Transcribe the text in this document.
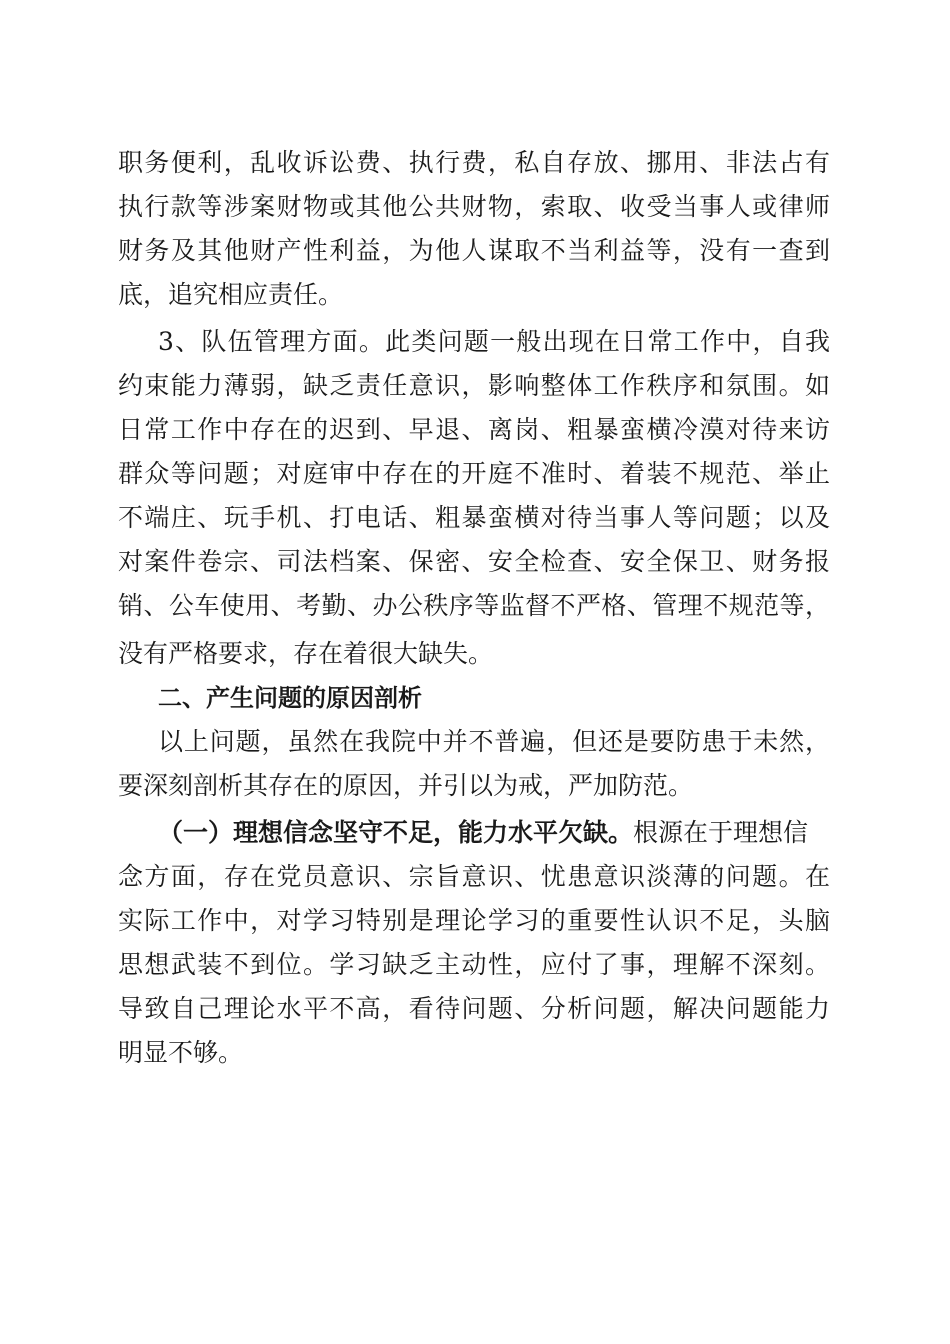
职务便利，乱收诉讼费、执行费，私自存放、挪用、非法占有
执行款等涉案财物或其他公共财物，索取、收受当事人或律师
财务及其他财产性利益，为他人谋取不当利益等，没有一查到
底，追究相应责任。
3、队伍管理方面。此类问题一般出现在日常工作中，自我
约束能力薄弱，缺乏责任意识，影响整体工作秩序和氛围。如
日常工作中存在的迟到、早退、离岗、粗暴蛮横冷漠对待来访
群众等问题；对庭审中存在的开庭不准时、着装不规范、举止
不端庄、玩手机、打电话、粗暴蛮横对待当事人等问题；以及
对案件卷宗、司法档案、保密、安全检查、安全保卫、财务报
销、公车使用、考勤、办公秩序等监督不严格、管理不规范等，
没有严格要求，存在着很大缺失。
二、产生问题的原因剖析
以上问题，虽然在我院中并不普遍，但还是要防患于未然，
要深刻剖析其存在的原因，并引以为戒，严加防范。
（一）理想信念坚守不足，能力水平欠缺。根源在于理想信
念方面，存在党员意识、宗旨意识、忧患意识淡薄的问题。在
实际工作中，对学习特别是理论学习的重要性认识不足，头脑
思想武装不到位。学习缺乏主动性，应付了事，理解不深刻。
导致自己理论水平不高，看待问题、分析问题，解决问题能力
明显不够。
